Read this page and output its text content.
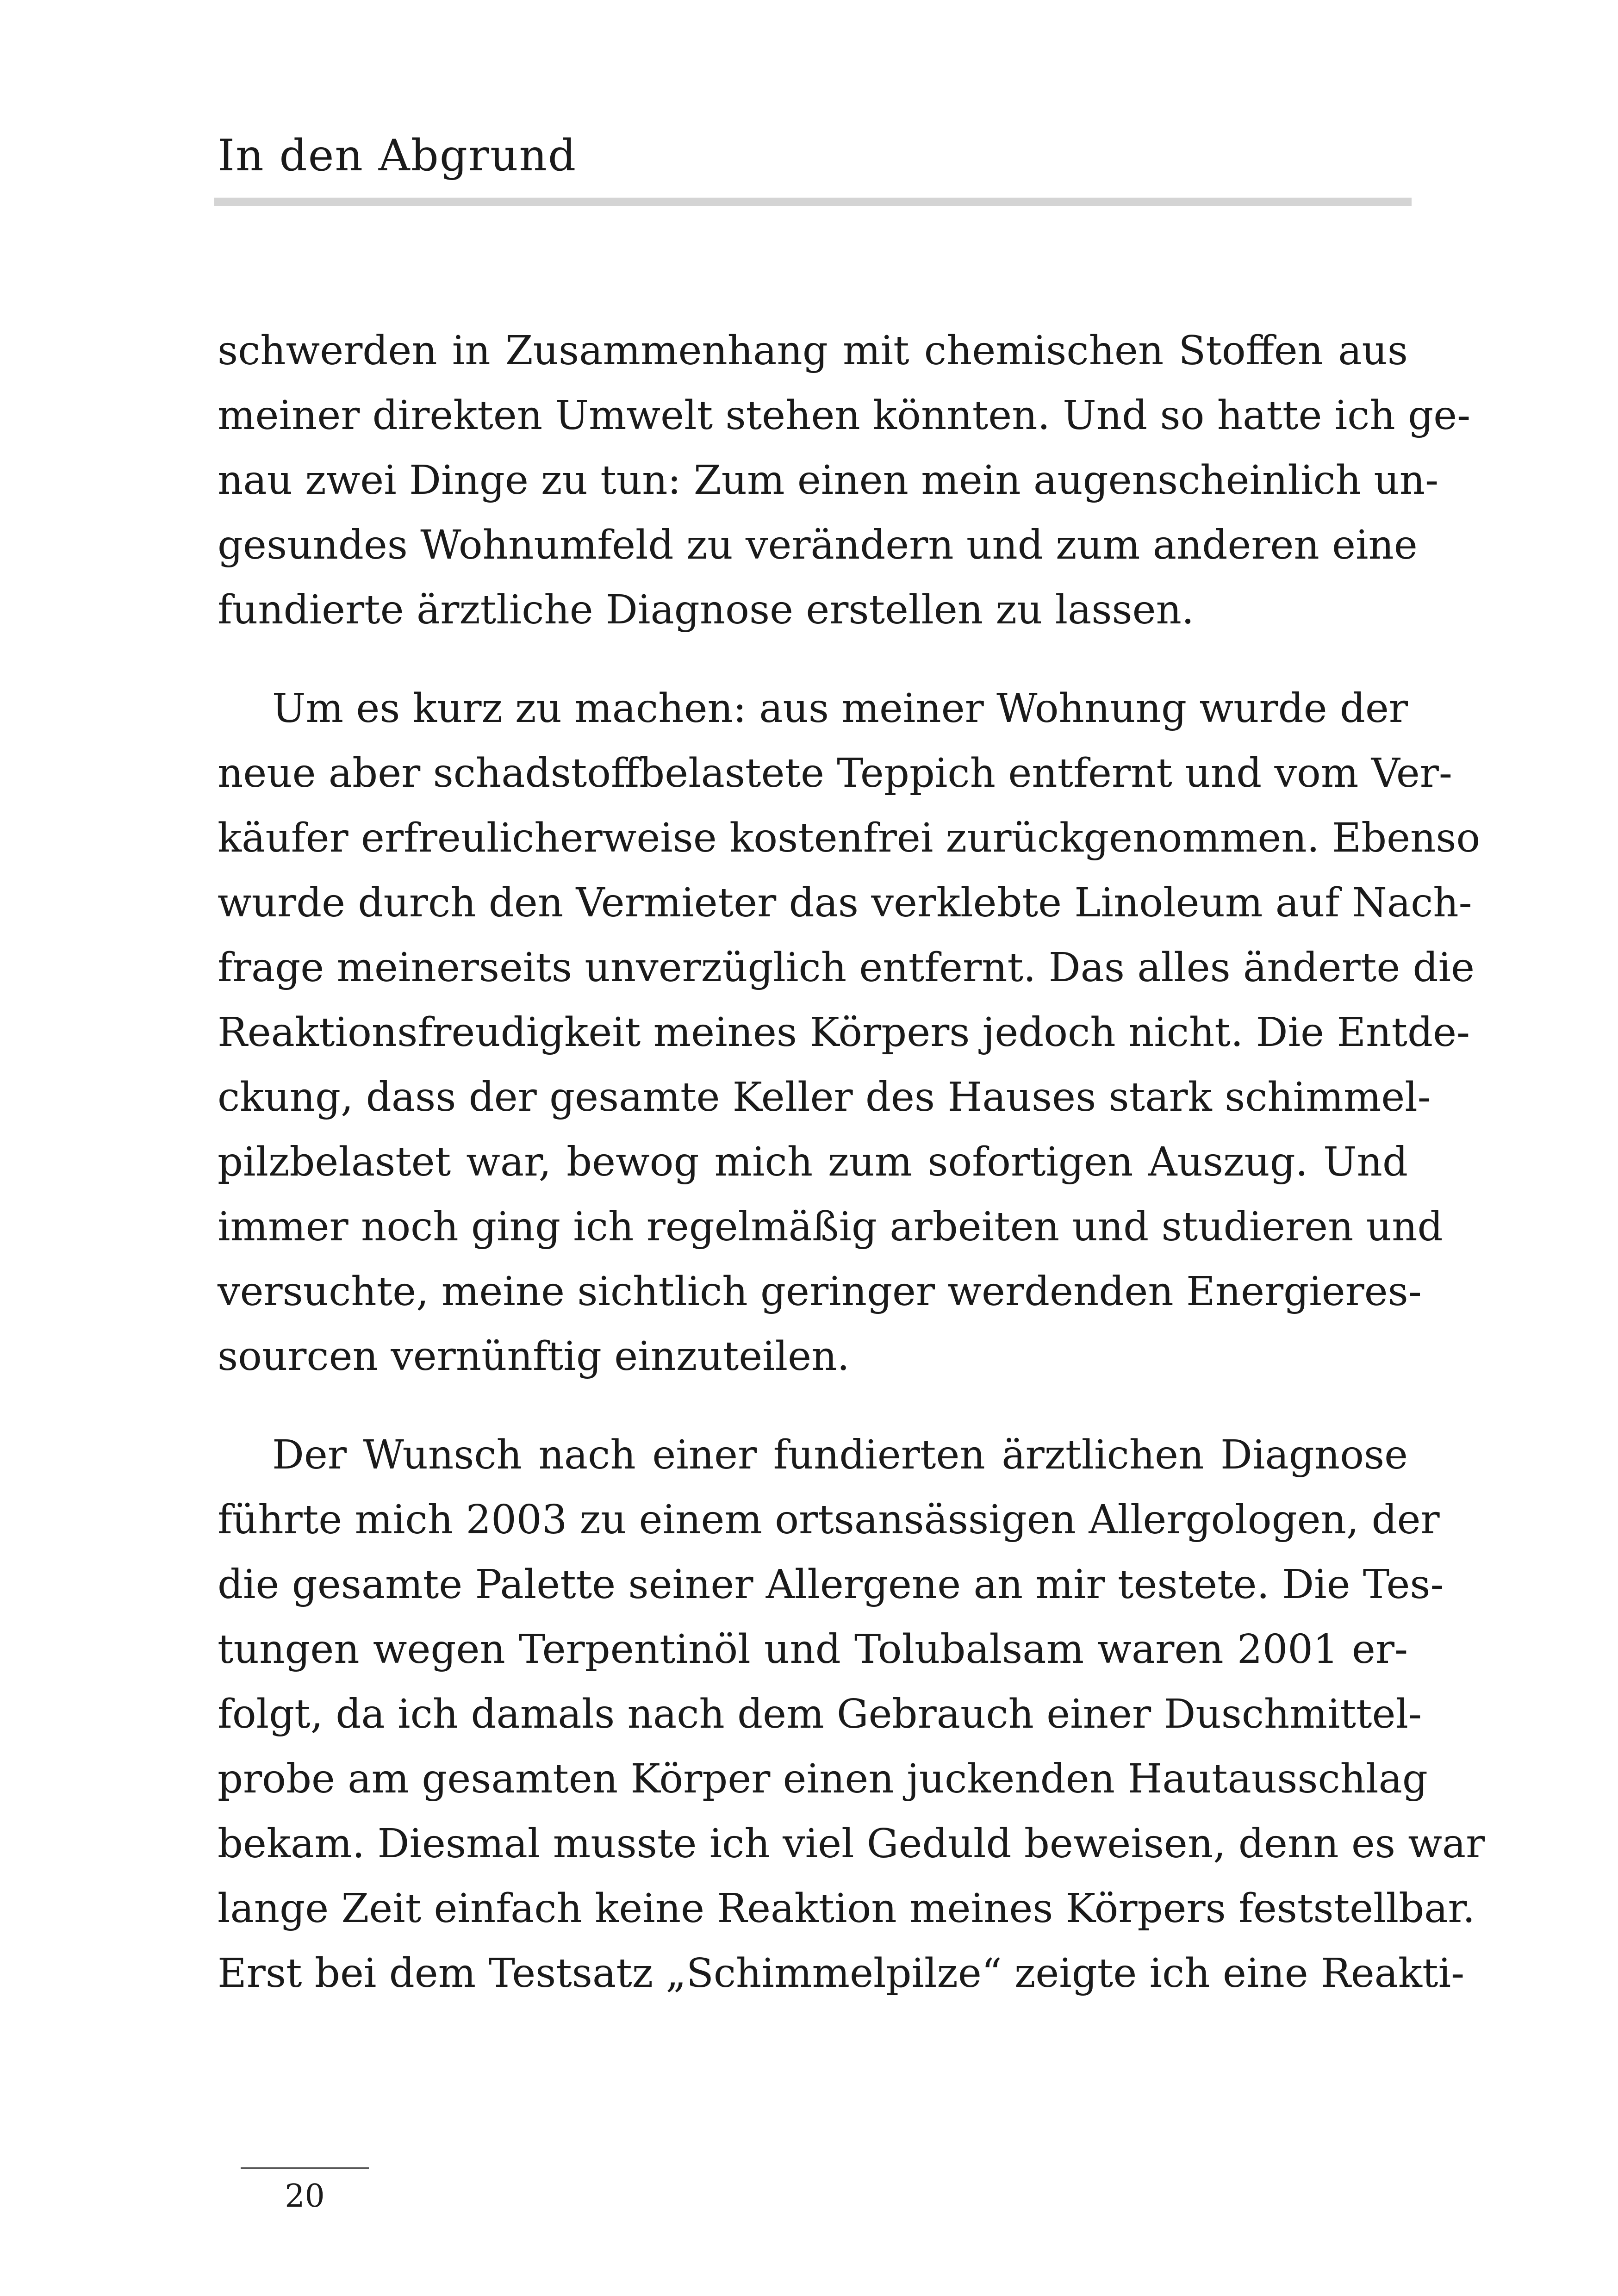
In den Abgrund
schwerden in Zusammenhang mit chemischen Stoffen aus
meiner direkten Umwelt stehen könnten. Und so hatte ich ge-
nau zwei Dinge zu tun: Zum einen mein augenscheinlich un-
gesundes Wohnumfeld zu verändern und zum anderen eine
fundierte ärztliche Diagnose erstellen zu lassen.
Um es kurz zu machen: aus meiner Wohnung wurde der
neue aber schadstoffbelastete Teppich entfernt und vom Ver-
käufer erfreulicherweise kostenfrei zurückgenommen. Ebenso
wurde durch den Vermieter das verklebte Linoleum auf Nach-
frage meinerseits unverzüglich entfernt. Das alles änderte die
Reaktionsfreudigkeit meines Körpers jedoch nicht. Die Entde-
ckung, dass der gesamte Keller des Hauses stark schimmel-
pilzbelastet war, bewog mich zum sofortigen Auszug. Und
immer noch ging ich regelmäßig arbeiten und studieren und
versuchte, meine sichtlich geringer werdenden Energieres-
sourcen vernünftig einzuteilen.
Der Wunsch nach einer fundierten ärztlichen Diagnose
führte mich 2003 zu einem ortsansässigen Allergologen, der
die gesamte Palette seiner Allergene an mir testete. Die Tes-
tungen wegen Terpentinöl und Tolubalsam waren 2001 er-
folgt, da ich damals nach dem Gebrauch einer Duschmittel-
probe am gesamten Körper einen juckenden Hautausschlag
bekam. Diesmal musste ich viel Geduld beweisen, denn es war
lange Zeit einfach keine Reaktion meines Körpers feststellbar.
Erst bei dem Testsatz „Schimmelpilze“ zeigte ich eine Reakti-
20
